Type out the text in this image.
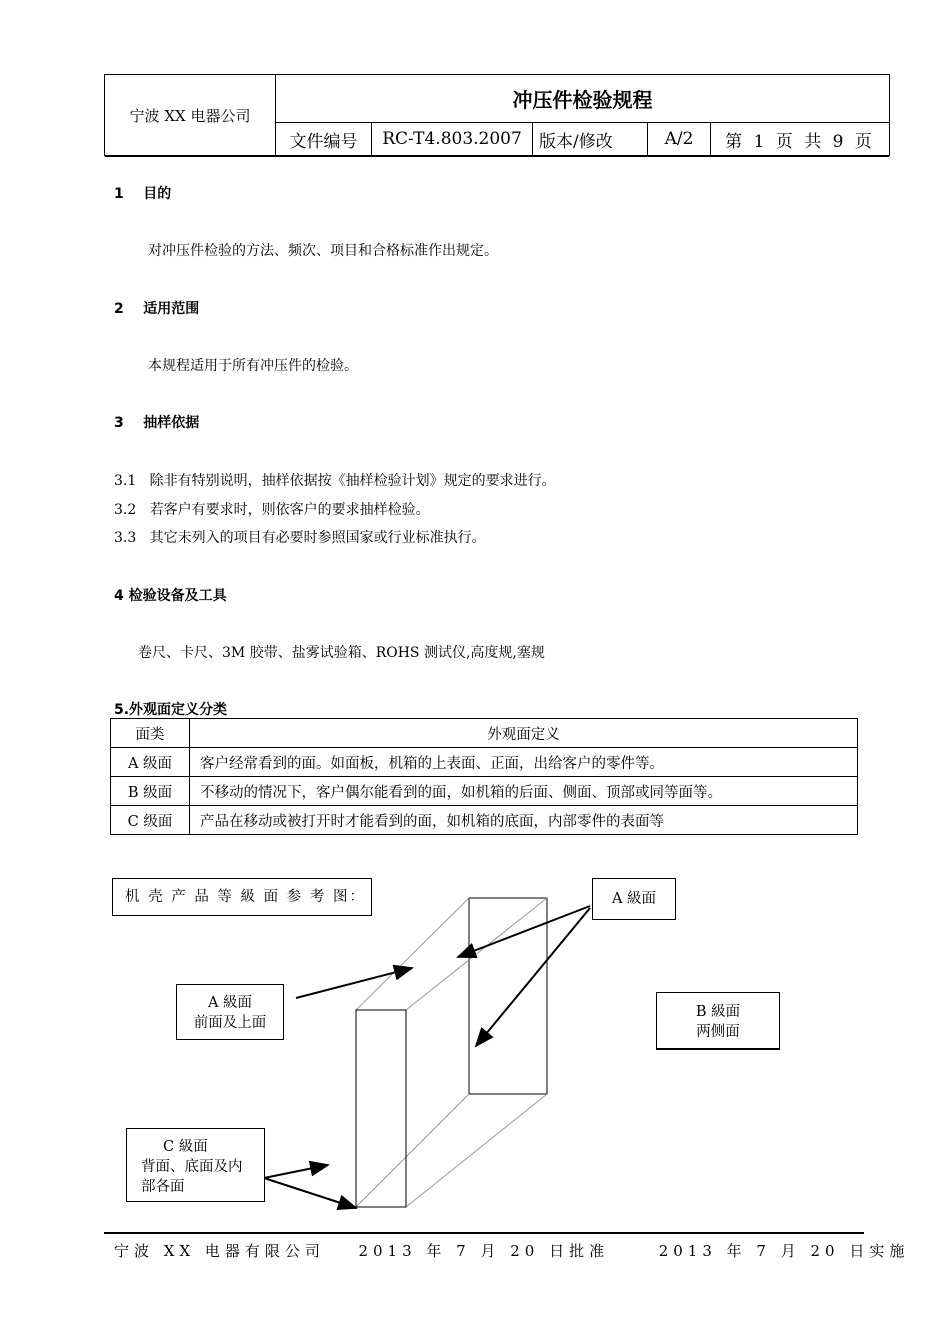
宁波 XX 电器公司
冲压件检验规程
文件编号	RC-T4.803.2007	版本/修改	A/2	第 1 页 共 9 页
1 目的
对冲压件检验的方法、频次、项目和合格标准作出规定。
2 适用范围
本规程适用于所有冲压件的检验。
3 抽样依据
3.1 除非有特别说明，抽样依据按《抽样检验计划》规定的要求进行。
3.2 若客户有要求时，则依客户的要求抽样检验。
3.3 其它未列入的项目有必要时参照国家或行业标准执行。
4 检验设备及工具
卷尺、卡尺、3M 胶带、盐雾试验箱、ROHS 测试仪,高度规,塞规
5.外观面定义分类
面类	外观面定义
A 级面	客户经常看到的面。如面板，机箱的上表面、正面，出给客户的零件等。
B 级面	不移动的情况下，客户偶尔能看到的面，如机箱的后面、侧面、顶部或同等面等。
C 级面	产品在移动或被打开时才能看到的面，如机箱的底面，内部零件的表面等
机 壳 产 品 等 級 面 参 考 图：	A 級面
A 級面
前面及上面
B 級面
两侧面
C 級面
背面、底面及内
部各面
宁波 XX 电器有限公司 2013 年 7 月 20 日批准	2013 年 7 月 20 日实施
